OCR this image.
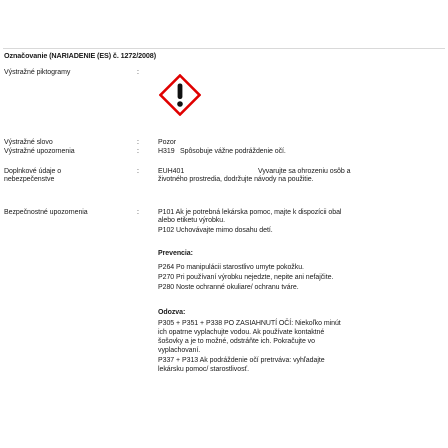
Označovanie (NARIADENIE (ES) č. 1272/2008)
Výstražné piktogramy	:
Výstražné slovo	:	Pozor
Výstražné upozornenia	:	H319 Spôsobuje vážne podráždenie očí.
Doplnkové údaje o	:
nebezpečenstve
EUH401	Vyvarujte sa ohrozeniu osôb a
životného prostredia, dodržujte návody na použitie.
Bezpečnostné upozornenia	:	P101 Ak je potrebná lekárska pomoc, majte k dispozícii obal
alebo etiketu výrobku.
P102 Uchovávajte mimo dosahu detí.
Prevencia:
P264 Po manipulácii starostlivo umyte pokožku.
P270 Pri používaní výrobku nejedzte, nepite ani nefajčite.
P280 Noste ochranné okuliare/ ochranu tváre.
Odozva:
P305 + P351 + P338 PO ZASIAHNUTÍ OČÍ: Niekoľko minút
ich opatrne vyplachujte vodou. Ak používate kontaktné
šošovky a je to možné, odstráňte ich. Pokračujte vo
vyplachovaní.
P337 + P313 Ak podráždenie očí pretrváva: vyhľadajte
lekársku pomoc/ starostlivosť.
